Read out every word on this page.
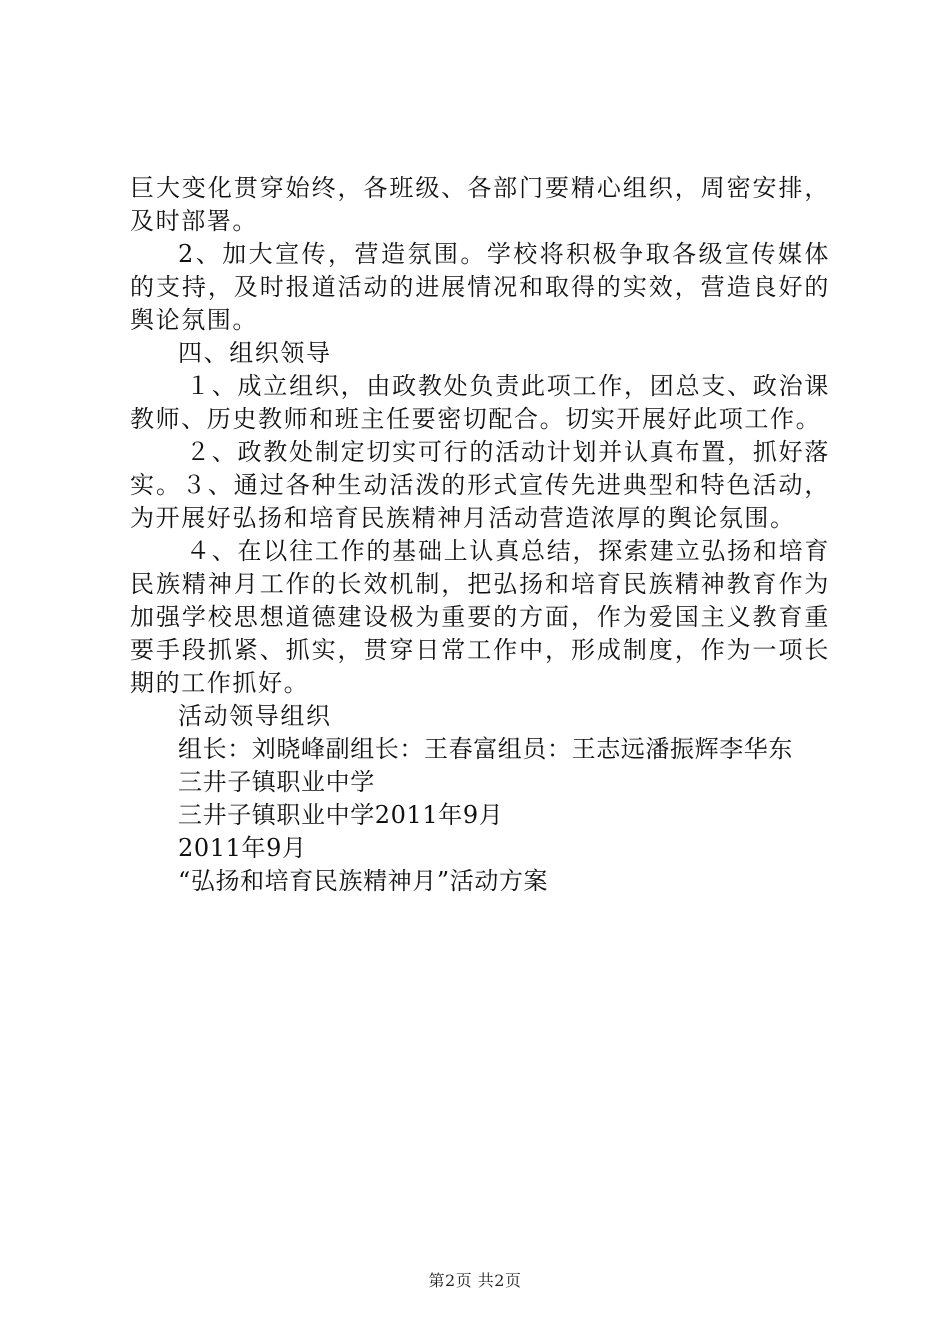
巨大变化贯穿始终，各班级、各部门要精心组织，周密安排，及时部署。

2、加大宣传，营造氛围。学校将积极争取各级宣传媒体的支持，及时报道活动的进展情况和取得的实效，营造良好的舆论氛围。

四、组织领导

１、成立组织，由政教处负责此项工作，团总支、政治课教师、历史教师和班主任要密切配合。切实开展好此项工作。

２、政教处制定切实可行的活动计划并认真布置，抓好落实。３、通过各种生动活泼的形式宣传先进典型和特色活动，为开展好弘扬和培育民族精神月活动营造浓厚的舆论氛围。

４、在以往工作的基础上认真总结，探索建立弘扬和培育民族精神月工作的长效机制，把弘扬和培育民族精神教育作为加强学校思想道德建设极为重要的方面，作为爱国主义教育重要手段抓紧、抓实，贯穿日常工作中，形成制度，作为一项长期的工作抓好。

活动领导组织

组长：刘晓峰副组长：王春富组员：王志远潘振辉李华东

三井子镇职业中学

三井子镇职业中学2011年9月

2011年9月

“弘扬和培育民族精神月”活动方案

第2页 共2页
